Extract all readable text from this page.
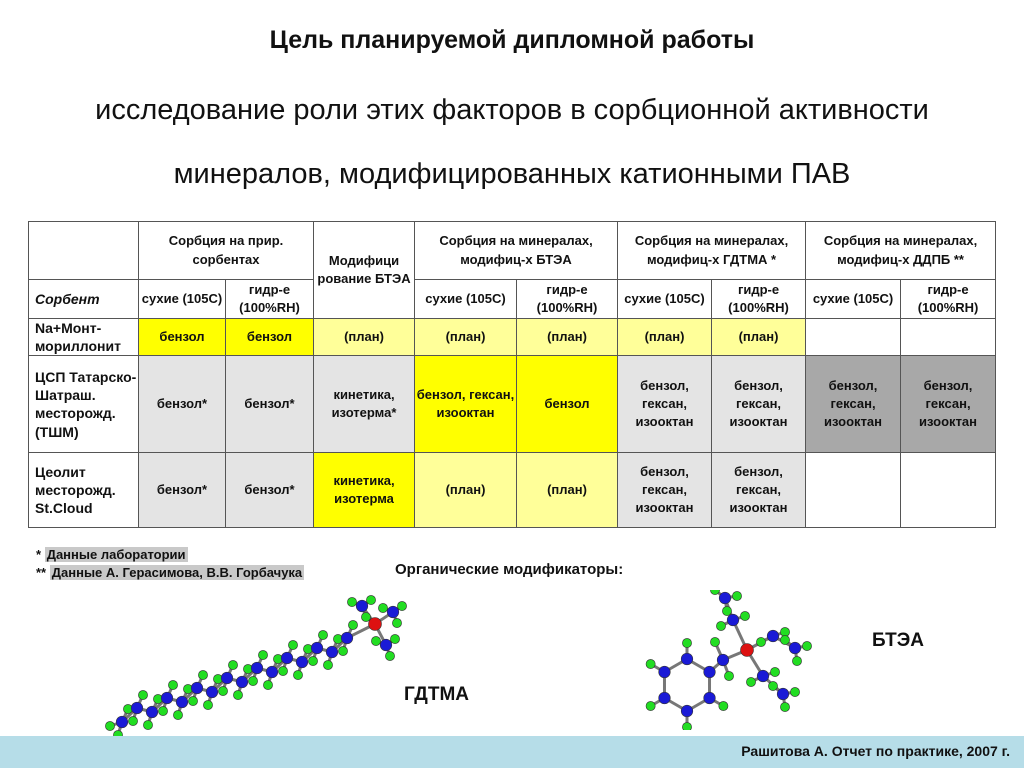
Цель планируемой дипломной работы
исследование роли этих факторов в сорбционной активности
минералов, модифицированных катионными ПАВ
	Сорбция на прир. сорбентах		Модифици рование БТЭА	Сорбция на минералах, модифиц-х БТЭА		Сорбция на минералах, модифиц-х ГДТМА *		Сорбция на минералах, модифиц-х ДДПБ **	
Сорбент	сухие (105С)	гидр-е (100%RH)		сухие (105С)	гидр-е (100%RH)	сухие (105С)	гидр-е (100%RH)	сухие (105С)	гидр-е (100%RH)
Na+Монт-мориллонит	бензол	бензол	(план)	(план)	(план)	(план)	(план)		
ЦСП Татарско-Шатраш. месторожд. (ТШМ)	бензол*	бензол*	кинетика, изотерма*	бензол, гексан, изооктан	бензол	бензол, гексан, изооктан	бензол, гексан, изооктан	бензол, гексан, изооктан	бензол, гексан, изооктан
Цеолит месторожд. St.Cloud	бензол*	бензол*	кинетика, изотерма	(план)	(план)	бензол, гексан, изооктан	бензол, гексан, изооктан		
* Данные лаборатории
** Данные А. Герасимова, В.В. Горбачука	Органические модификаторы:
ГДТМА
БТЭА
Рашитова А. Отчет по практике, 2007 г.
